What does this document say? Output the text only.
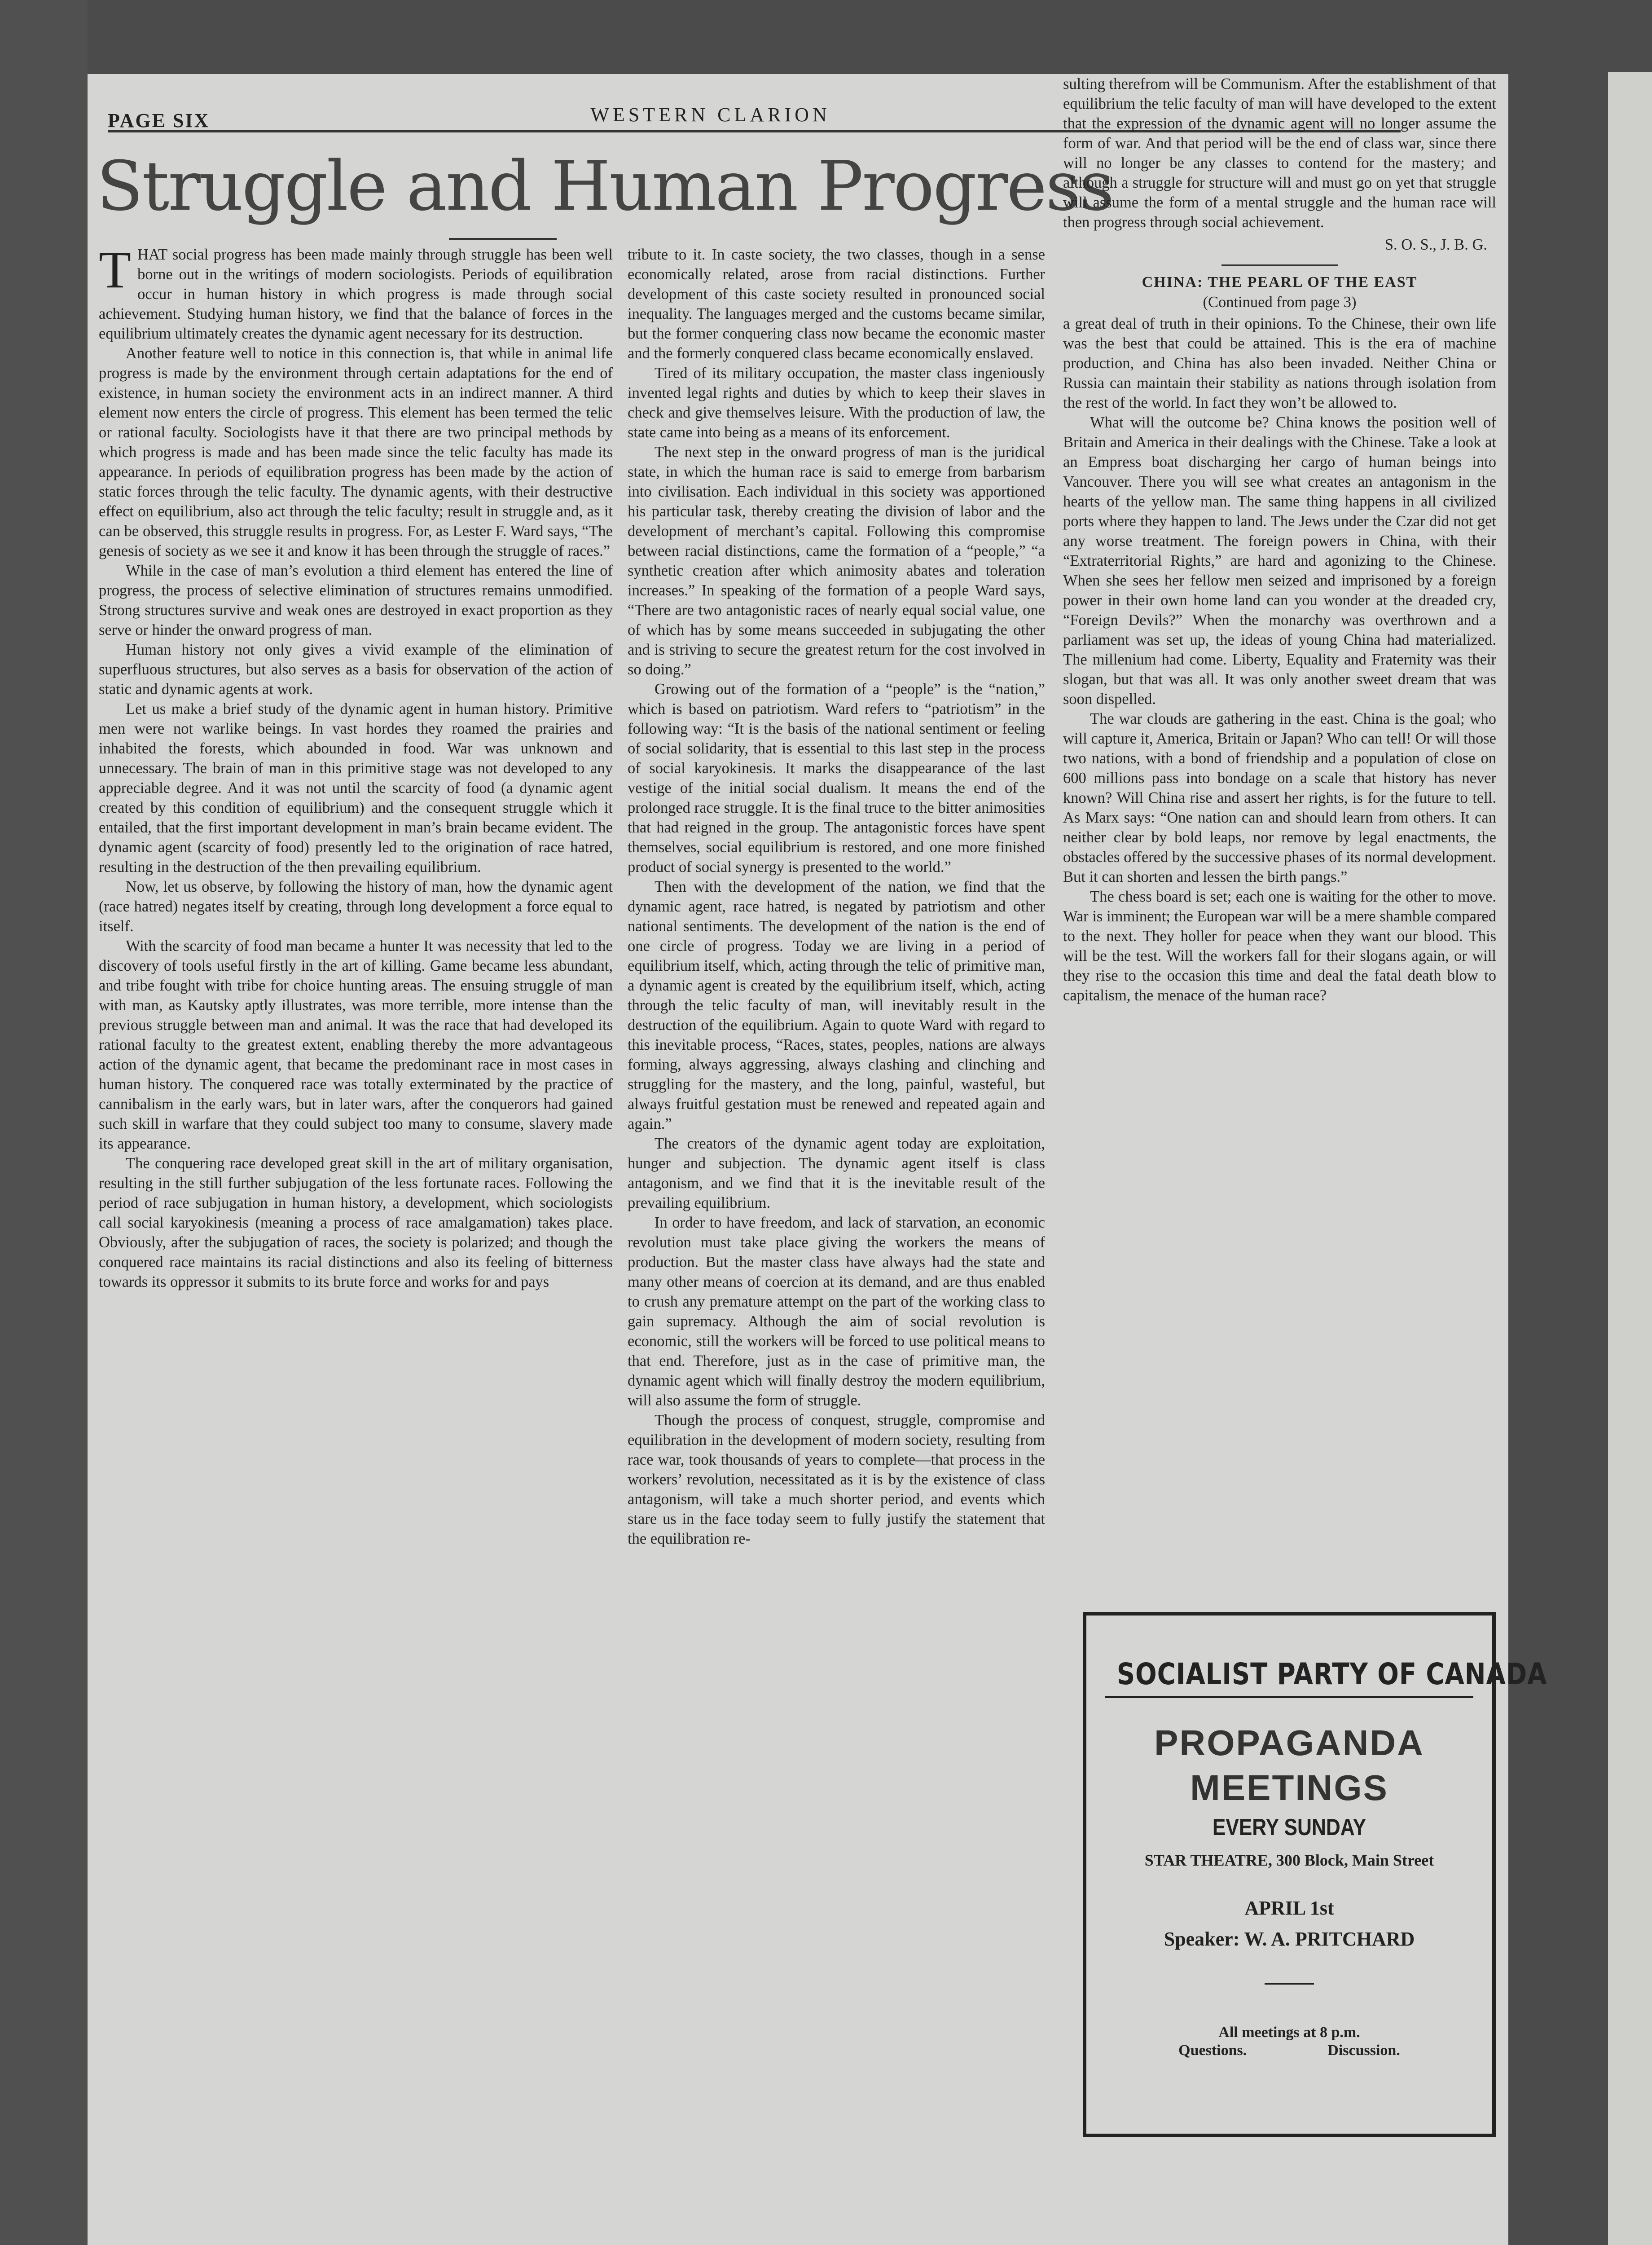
PAGE SIX	WESTERN CLARION
Struggle and Human Progress

THAT social progress has been made mainly through struggle has been well borne out in the writings of modern sociologists. Periods of equilibration occur in human history in which progress is made through social achievement. Studying human history, we find that the balance of forces in the equilibrium ultimately creates the dynamic agent necessary for its destruction.

Another feature well to notice in this connection is, that while in animal life progress is made by the environment through certain adaptations for the end of existence, in human society the environment acts in an indirect manner. A third element now enters the circle of progress. This element has been termed the telic or rational faculty. Sociologists have it that there are two principal methods by which progress is made and has been made since the telic faculty has made its appearance. In periods of equilibration progress has been made by the action of static forces through the telic faculty. The dynamic agents, with their destructive effect on equilibrium, also act through the telic faculty; result in struggle and, as it can be observed, this struggle results in progress. For, as Lester F. Ward says, “The genesis of society as we see it and know it has been through the struggle of races.”

While in the case of man’s evolution a third element has entered the line of progress, the process of selective elimination of structures remains unmodified. Strong structures survive and weak ones are destroyed in exact proportion as they serve or hinder the onward progress of man.

Human history not only gives a vivid example of the elimination of superfluous structures, but also serves as a basis for observation of the action of static and dynamic agents at work.

Let us make a brief study of the dynamic agent in human history. Primitive men were not warlike beings. In vast hordes they roamed the prairies and inhabited the forests, which abounded in food. War was unknown and unnecessary. The brain of man in this primitive stage was not developed to any appreciable degree. And it was not until the scarcity of food (a dynamic agent created by this condition of equilibrium) and the consequent struggle which it entailed, that the first important development in man’s brain became evident. The dynamic agent (scarcity of food) presently led to the origination of race hatred, resulting in the destruction of the then prevailing equilibrium.

Now, let us observe, by following the history of man, how the dynamic agent (race hatred) negates itself by creating, through long development a force equal to itself.

With the scarcity of food man became a hunter It was necessity that led to the discovery of tools useful firstly in the art of killing. Game became less abundant, and tribe fought with tribe for choice hunting areas. The ensuing struggle of man with man, as Kautsky aptly illustrates, was more terrible, more intense than the previous struggle between man and animal. It was the race that had developed its rational faculty to the greatest extent, enabling thereby the more advantageous action of the dynamic agent, that became the predominant race in most cases in human history. The conquered race was totally exterminated by the practice of cannibalism in the early wars, but in later wars, after the conquerors had gained such skill in warfare that they could subject too many to consume, slavery made its appearance.

The conquering race developed great skill in the art of military organisation, resulting in the still further subjugation of the less fortunate races. Following the period of race subjugation in human history, a development, which sociologists call social karyokinesis (meaning a process of race amalgamation) takes place. Obviously, after the subjugation of races, the society is polarized; and though the conquered race maintains its racial distinctions and also its feeling of bitterness towards its oppressor it submits to its brute force and works for and pays

tribute to it. In caste society, the two classes, though in a sense economically related, arose from racial distinctions. Further development of this caste society resulted in pronounced social inequality. The languages merged and the customs became similar, but the former conquering class now became the economic master and the formerly conquered class became economically enslaved.

Tired of its military occupation, the master class ingeniously invented legal rights and duties by which to keep their slaves in check and give themselves leisure. With the production of law, the state came into being as a means of its enforcement.

The next step in the onward progress of man is the juridical state, in which the human race is said to emerge from barbarism into civilisation. Each individual in this society was apportioned his particular task, thereby creating the division of labor and the development of merchant’s capital. Following this compromise between racial distinctions, came the formation of a “people,” “a synthetic creation after which animosity abates and toleration increases.” In speaking of the formation of a people Ward says, “There are two antagonistic races of nearly equal social value, one of which has by some means succeeded in subjugating the other and is striving to secure the greatest return for the cost involved in so doing.”

Growing out of the formation of a “people” is the “nation,” which is based on patriotism. Ward refers to “patriotism” in the following way: “It is the basis of the national sentiment or feeling of social solidarity, that is essential to this last step in the process of social karyokinesis. It marks the disappearance of the last vestige of the initial social dualism. It means the end of the prolonged race struggle. It is the final truce to the bitter animosities that had reigned in the group. The antagonistic forces have spent themselves, social equilibrium is restored, and one more finished product of social synergy is presented to the world.”

Then with the development of the nation, we find that the dynamic agent, race hatred, is negated by patriotism and other national sentiments. The development of the nation is the end of one circle of progress. Today we are living in a period of equilibrium itself, which, acting through the telic of primitive man, a dynamic agent is created by the equilibrium itself, which, acting through the telic faculty of man, will inevitably result in the destruction of the equilibrium. Again to quote Ward with regard to this inevitable process, “Races, states, peoples, nations are always forming, always aggressing, always clashing and clinching and struggling for the mastery, and the long, painful, wasteful, but always fruitful gestation must be renewed and repeated again and again.”

The creators of the dynamic agent today are exploitation, hunger and subjection. The dynamic agent itself is class antagonism, and we find that it is the inevitable result of the prevailing equilibrium.

In order to have freedom, and lack of starvation, an economic revolution must take place giving the workers the means of production. But the master class have always had the state and many other means of coercion at its demand, and are thus enabled to crush any premature attempt on the part of the working class to gain supremacy. Although the aim of social revolution is economic, still the workers will be forced to use political means to that end. Therefore, just as in the case of primitive man, the dynamic agent which will finally destroy the modern equilibrium, will also assume the form of struggle.

Though the process of conquest, struggle, compromise and equilibration in the development of modern society, resulting from race war, took thousands of years to complete—that process in the workers’ revolution, necessitated as it is by the existence of class antagonism, will take a much shorter period, and events which stare us in the face today seem to fully justify the statement that the equilibration re-

sulting therefrom will be Communism. After the establishment of that equilibrium the telic faculty of man will have developed to the extent that the expression of the dynamic agent will no longer assume the form of war. And that period will be the end of class war, since there will no longer be any classes to contend for the mastery; and although a struggle for structure will and must go on yet that struggle will assume the form of a mental struggle and the human race will then progress through social achievement.

S. O. S., J. B. G.
CHINA: THE PEARL OF THE EAST
(Continued from page 3)

a great deal of truth in their opinions. To the Chinese, their own life was the best that could be attained. This is the era of machine production, and China has also been invaded. Neither China or Russia can maintain their stability as nations through isolation from the rest of the world. In fact they won’t be allowed to.

What will the outcome be? China knows the position well of Britain and America in their dealings with the Chinese. Take a look at an Empress boat discharging her cargo of human beings into Vancouver. There you will see what creates an antagonism in the hearts of the yellow man. The same thing happens in all civilized ports where they happen to land. The Jews under the Czar did not get any worse treatment. The foreign powers in China, with their “Extraterritorial Rights,” are hard and agonizing to the Chinese. When she sees her fellow men seized and imprisoned by a foreign power in their own home land can you wonder at the dreaded cry, “Foreign Devils?” When the monarchy was overthrown and a parliament was set up, the ideas of young China had materialized. The millenium had come. Liberty, Equality and Fraternity was their slogan, but that was all. It was only another sweet dream that was soon dispelled.

The war clouds are gathering in the east. China is the goal; who will capture it, America, Britain or Japan? Who can tell! Or will those two nations, with a bond of friendship and a population of close on 600 millions pass into bondage on a scale that history has never known? Will China rise and assert her rights, is for the future to tell. As Marx says: “One nation can and should learn from others. It can neither clear by bold leaps, nor remove by legal enactments, the obstacles offered by the successive phases of its normal development. But it can shorten and lessen the birth pangs.”

The chess board is set; each one is waiting for the other to move. War is imminent; the European war will be a mere shamble compared to the next. They holler for peace when they want our blood. This will be the test. Will the workers fall for their slogans again, or will they rise to the occasion this time and deal the fatal death blow to capitalism, the menace of the human race?

SOCIALIST PARTY OF CANADA
PROPAGANDA
MEETINGS
EVERY SUNDAY
STAR THEATRE, 300 Block, Main Street
APRIL 1st
Speaker: W. A. PRITCHARD
All meetings at 8 p.m.
Questions.	Discussion.
